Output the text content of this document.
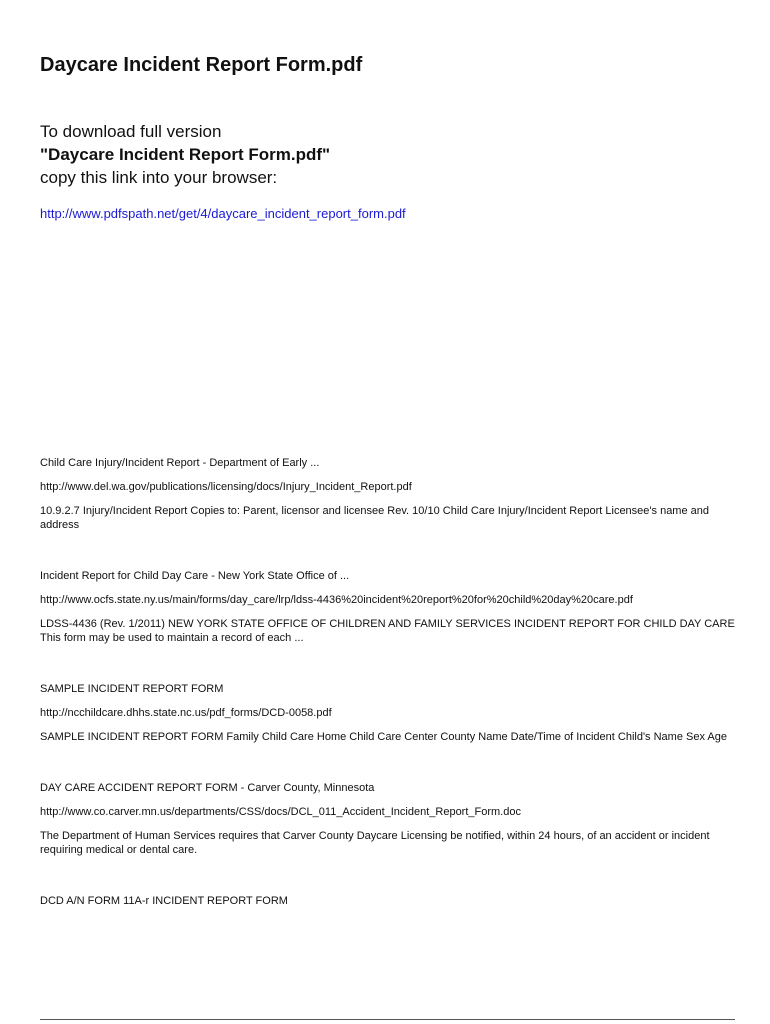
Daycare Incident Report Form.pdf
To download full version
"Daycare Incident Report Form.pdf"
copy this link into your browser:
http://www.pdfspath.net/get/4/daycare_incident_report_form.pdf
Child Care Injury/Incident Report - Department of Early ...
http://www.del.wa.gov/publications/licensing/docs/Injury_Incident_Report.pdf
10.9.2.7 Injury/Incident Report Copies to: Parent, licensor and licensee Rev. 10/10 Child Care Injury/Incident Report Licensee's name and address
Incident Report for Child Day Care - New York State Office of ...
http://www.ocfs.state.ny.us/main/forms/day_care/lrp/ldss-4436%20incident%20report%20for%20child%20day%20care.pdf
LDSS-4436 (Rev. 1/2011) NEW YORK STATE OFFICE OF CHILDREN AND FAMILY SERVICES INCIDENT REPORT FOR CHILD DAY CARE This form may be used to maintain a record of each ...
SAMPLE INCIDENT REPORT FORM
http://ncchildcare.dhhs.state.nc.us/pdf_forms/DCD-0058.pdf
SAMPLE INCIDENT REPORT FORM Family Child Care Home Child Care Center County Name Date/Time of Incident Child's Name Sex Age
DAY CARE ACCIDENT REPORT FORM - Carver County, Minnesota
http://www.co.carver.mn.us/departments/CSS/docs/DCL_011_Accident_Incident_Report_Form.doc
The Department of Human Services requires that Carver County Daycare Licensing be notified, within 24 hours, of an accident or incident requiring medical or dental care.
DCD A/N FORM 11A-r INCIDENT REPORT FORM
